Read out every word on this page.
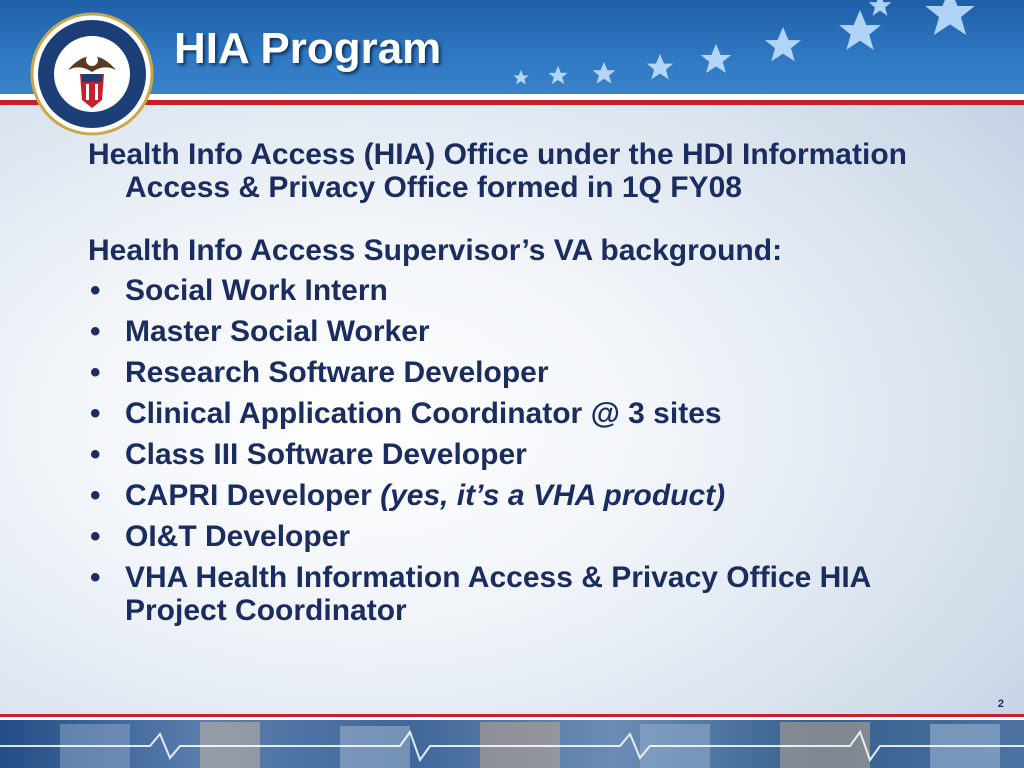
HIA Program

Health Info Access (HIA) Office under the HDI Information Access & Privacy Office formed in 1Q FY08

Health Info Access Supervisor’s VA background:

• Social Work Intern
• Master Social Worker
• Research Software Developer
• Clinical Application Coordinator @ 3 sites
• Class III Software Developer
• CAPRI Developer (yes, it’s a VHA product)
• OI&T Developer
• VHA Health Information Access & Privacy Office HIA Project Coordinator
2
